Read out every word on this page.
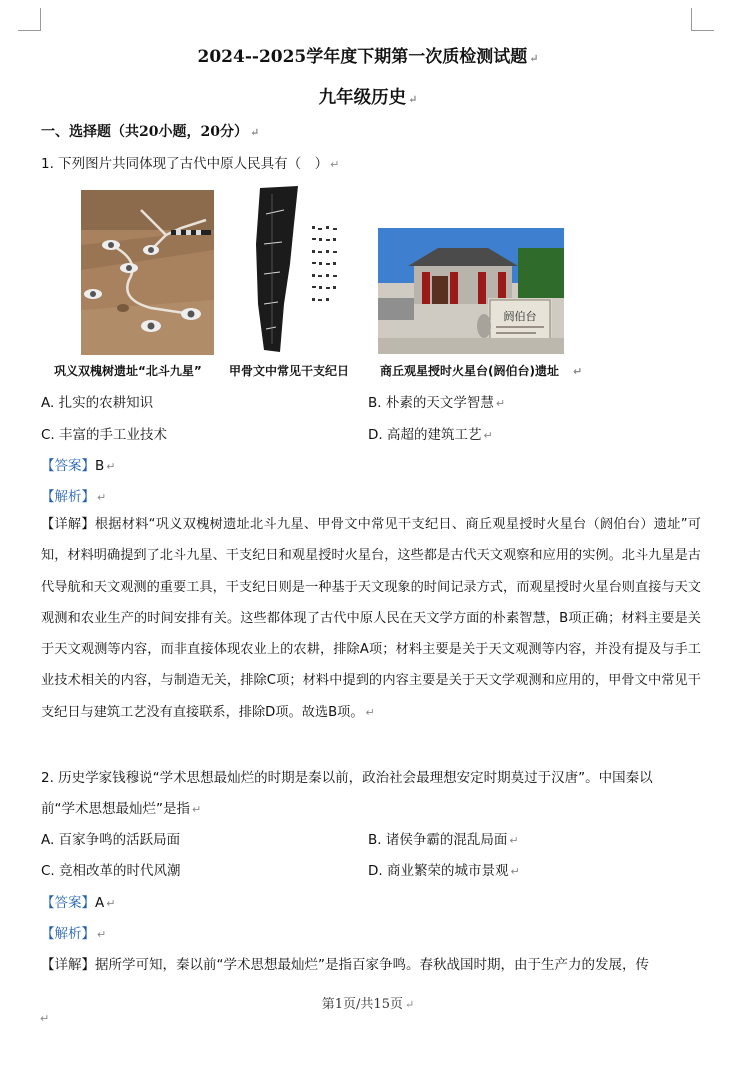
2024--2025学年度下期第一次质检测试题 ↵
九年级历史 ↵
一、选择题（共20小题，20分） ↵
1. 下列图片共同体现了古代中原人民具有（　） ↵
阏伯台
巩义双槐树遗址“北斗九星” 甲骨文中常见干支纪日	商丘观星授时火星台(阏伯台)遗址 ↵
A. 扎实的农耕知识	B. 朴素的天文学智慧 ↵
C. 丰富的手工业技术	D. 高超的建筑工艺 ↵
【答案】B ↵
【解析】 ↵
【详解】根据材料“巩义双槐树遗址北斗九星、甲骨文中常见干支纪日、商丘观星授时火星台（阏伯台）遗址”可知，材料明确提到了北斗九星、干支纪日和观星授时火星台，这些都是古代天文观察和应用的实例。北斗九星是古代导航和天文观测的重要工具，干支纪日则是一种基于天文现象的时间记录方式，而观星授时火星台则直接与天文观测和农业生产的时间安排有关。这些都体现了古代中原人民在天文学方面的朴素智慧，B项正确；材料主要是关于天文观测等内容，而非直接体现农业上的农耕，排除A项；材料主要是关于天文观测等内容，并没有提及与手工业技术相关的内容，与制造无关，排除C项；材料中提到的内容主要是关于天文学观测和应用的，甲骨文中常见干支纪日与建筑工艺没有直接联系，排除D项。故选B项。 ↵
2. 历史学家钱穆说“学术思想最灿烂的时期是秦以前，政治社会最理想安定时期莫过于汉唐”。中国秦以
前“学术思想最灿烂”是指 ↵
A. 百家争鸣的活跃局面	B. 诸侯争霸的混乱局面 ↵
C. 竞相改革的时代风潮	D. 商业繁荣的城市景观 ↵
【答案】A ↵
【解析】 ↵
【详解】据所学可知，秦以前“学术思想最灿烂”是指百家争鸣。春秋战国时期，由于生产力的发展，传
第1页/共15页 ↵
↵
